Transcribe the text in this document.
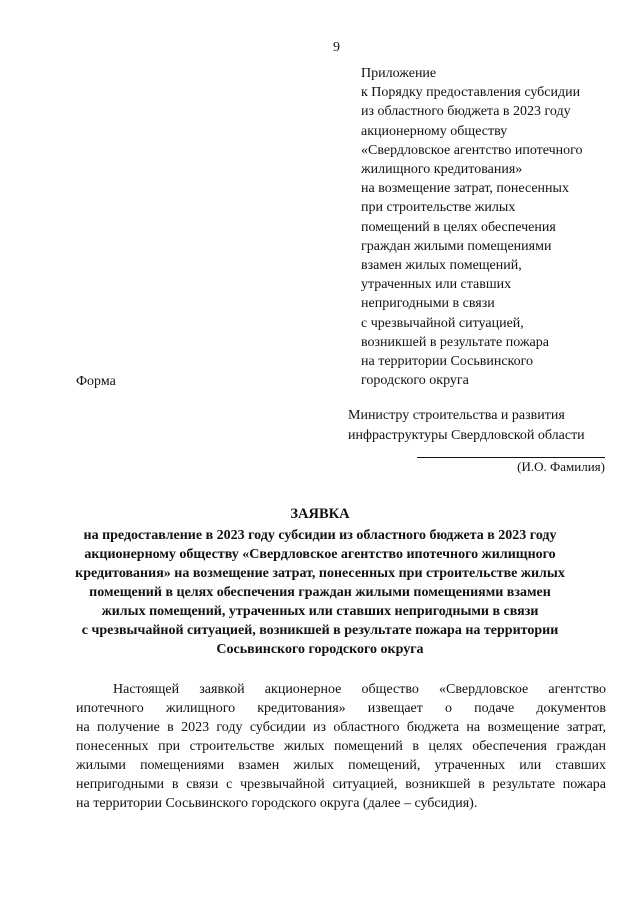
9
Приложение
к Порядку предоставления субсидии
из областного бюджета в 2023 году
акционерному обществу
«Свердловское агентство ипотечного
жилищного кредитования»
на возмещение затрат, понесенных
при строительстве жилых
помещений в целях обеспечения
граждан жилыми помещениями
взамен жилых помещений,
утраченных или ставших
непригодными в связи
с чрезвычайной ситуацией,
возникшей в результате пожара
на территории Сосьвинского
городского округа
Форма
Министру строительства и развития
инфраструктуры Свердловской области
(И.О. Фамилия)
ЗАЯВКА
на предоставление в 2023 году субсидии из областного бюджета в 2023 году
акционерному обществу «Свердловское агентство ипотечного жилищного
кредитования» на возмещение затрат, понесенных при строительстве жилых
помещений в целях обеспечения граждан жилыми помещениями взамен
жилых помещений, утраченных или ставших непригодными в связи
с чрезвычайной ситуацией, возникшей в результате пожара на территории
Сосьвинского городского округа
Настоящей заявкой акционерное общество «Свердловское агентство
ипотечного жилищного кредитования» извещает о подаче документов
на получение в 2023 году субсидии из областного бюджета на возмещение затрат,
понесенных при строительстве жилых помещений в целях обеспечения граждан
жилыми помещениями взамен жилых помещений, утраченных или ставших
непригодными в связи с чрезвычайной ситуацией, возникшей в результате пожара
на территории Сосьвинского городского округа (далее – субсидия).
